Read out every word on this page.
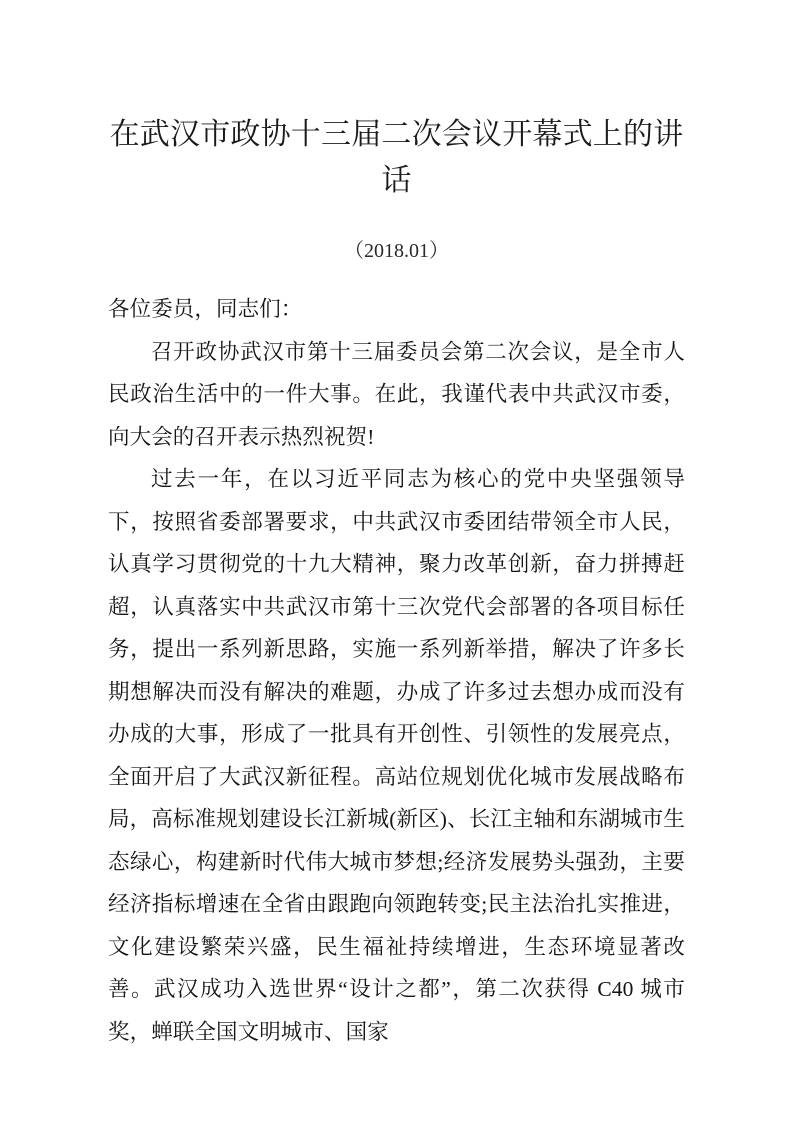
在武汉市政协十三届二次会议开幕式上的讲话

（2018.01）

各位委员，同志们：

召开政协武汉市第十三届委员会第二次会议，是全市人民政治生活中的一件大事。在此，我谨代表中共武汉市委，向大会的召开表示热烈祝贺!

过去一年，在以习近平同志为核心的党中央坚强领导下，按照省委部署要求，中共武汉市委团结带领全市人民，认真学习贯彻党的十九大精神，聚力改革创新，奋力拼搏赶超，认真落实中共武汉市第十三次党代会部署的各项目标任务，提出一系列新思路，实施一系列新举措，解决了许多长期想解决而没有解决的难题，办成了许多过去想办成而没有办成的大事，形成了一批具有开创性、引领性的发展亮点，全面开启了大武汉新征程。高站位规划优化城市发展战略布局，高标准规划建设长江新城(新区)、长江主轴和东湖城市生态绿心，构建新时代伟大城市梦想;经济发展势头强劲，主要经济指标增速在全省由跟跑向领跑转变;民主法治扎实推进，文化建设繁荣兴盛，民生福祉持续增进，生态环境显著改善。武汉成功入选世界“设计之都”，第二次获得 C40 城市奖，蝉联全国文明城市、国家
